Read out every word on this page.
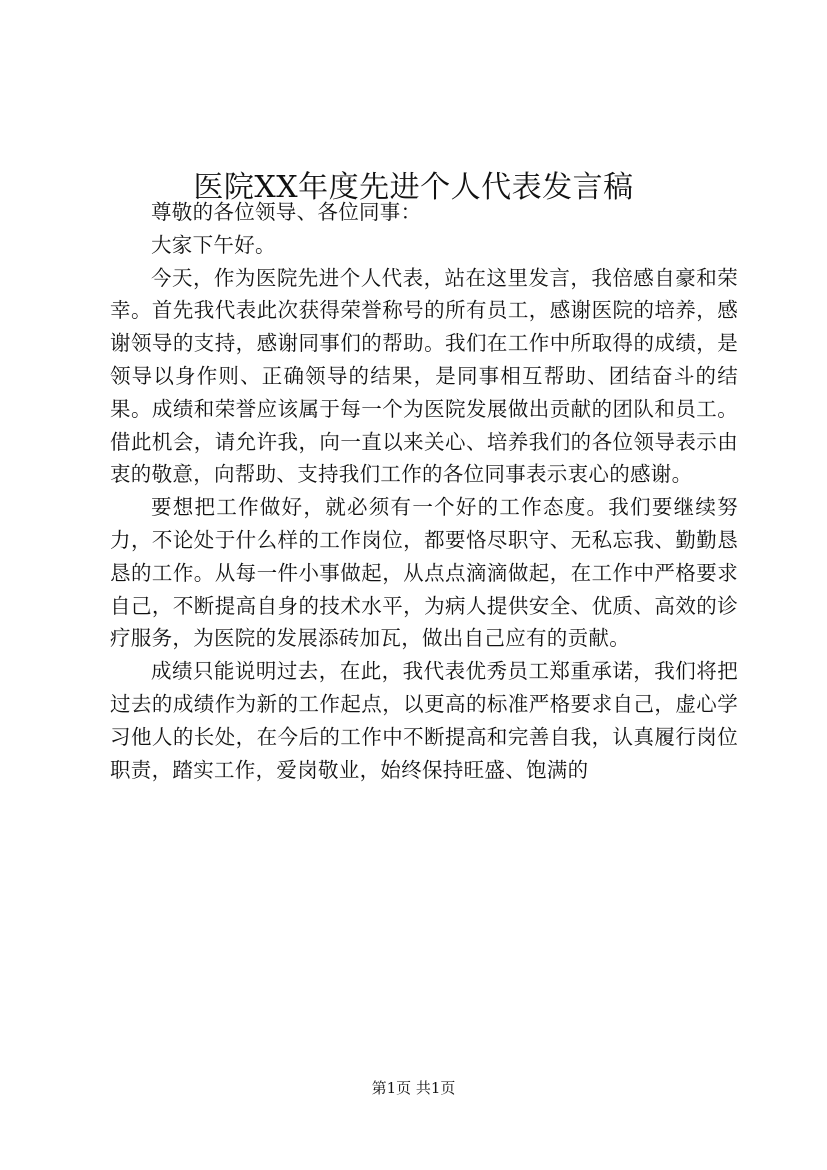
医院XX年度先进个人代表发言稿

尊敬的各位领导、各位同事：

大家下午好。

今天，作为医院先进个人代表，站在这里发言，我倍感自豪和荣幸。首先我代表此次获得荣誉称号的所有员工，感谢医院的培养，感谢领导的支持，感谢同事们的帮助。我们在工作中所取得的成绩，是领导以身作则、正确领导的结果，是同事相互帮助、团结奋斗的结果。成绩和荣誉应该属于每一个为医院发展做出贡献的团队和员工。借此机会，请允许我，向一直以来关心、培养我们的各位领导表示由衷的敬意，向帮助、支持我们工作的各位同事表示衷心的感谢。

要想把工作做好，就必须有一个好的工作态度。我们要继续努力，不论处于什么样的工作岗位，都要恪尽职守、无私忘我、勤勤恳恳的工作。从每一件小事做起，从点点滴滴做起，在工作中严格要求自己，不断提高自身的技术水平，为病人提供安全、优质、高效的诊疗服务，为医院的发展添砖加瓦，做出自己应有的贡献。

成绩只能说明过去，在此，我代表优秀员工郑重承诺，我们将把过去的成绩作为新的工作起点，以更高的标准严格要求自己，虚心学习他人的长处，在今后的工作中不断提高和完善自我，认真履行岗位职责，踏实工作，爱岗敬业，始终保持旺盛、饱满的

第1页 共1页
